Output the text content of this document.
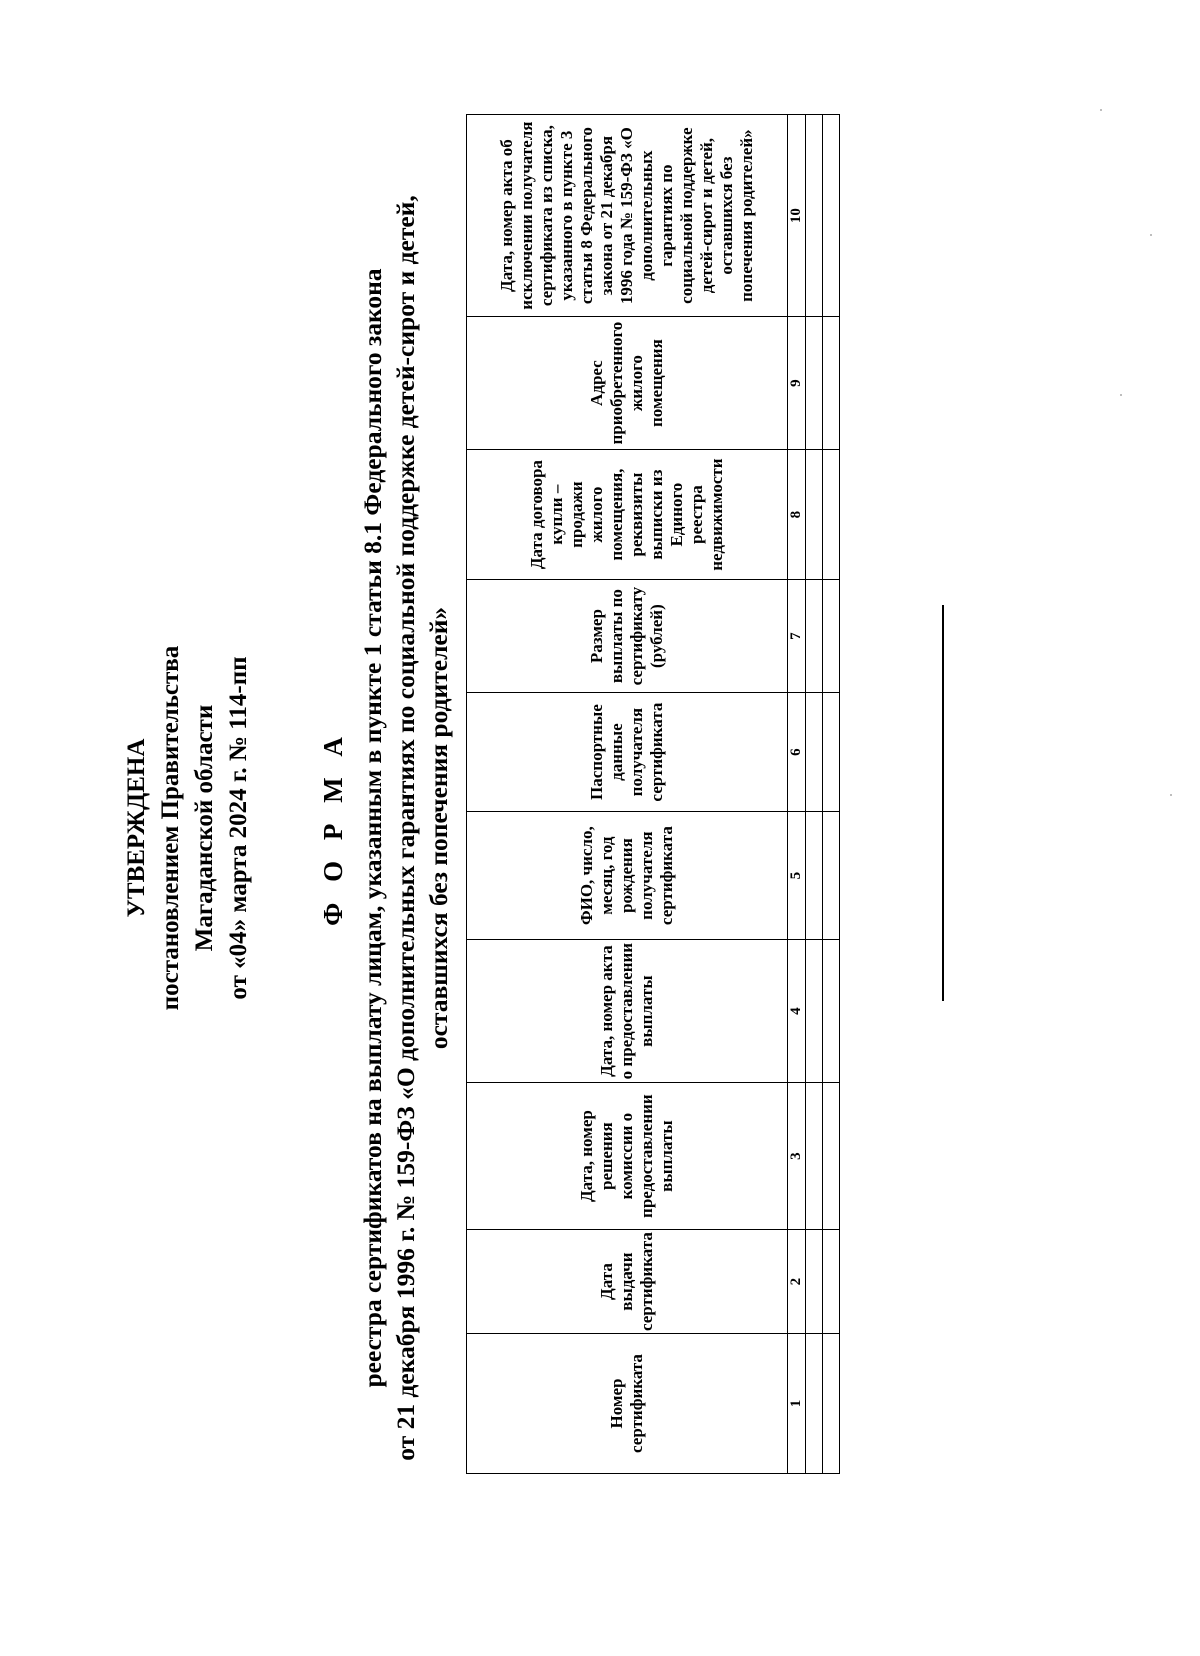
УТВЕРЖДЕНА постановлением Правительства Магаданской области от «04» марта 2024 г. № 114-пп Ф О Р М А реестра сертификатов на выплату лицам, указанным в пункте 1 статьи 8.1 Федерального закона от 21 декабря 1996 г. № 159-ФЗ «О дополнительных гарантиях по социальной поддержке детей-сирот и детей, оставшихся без попечения родителей»
Номер сертификата	Дата выдачи сертификата	Дата, номер решения комиссии о предоставлении выплаты	Дата, номер акта о предоставлении выплаты	ФИО, число, месяц, год рождения получателя сертификата	Паспортные данные получателя сертификата	Размер выплаты по сертификату (рублей)	Дата договора купли – продажи жилого помещения, реквизиты выписки из Единого реестра недвижимости	Адрес приобретенного жилого помещения	Дата, номер акта об исключении получателя сертификата из списка, указанного в пункте 3 статьи 8 Федерального закона от 21 декабря 1996 года № 159-ФЗ «О дополнительных гарантиях по социальной поддержке детей-сирот и детей, оставшихся без попечения родителей»
1	2	3	4	5	6	7	8	9	10
